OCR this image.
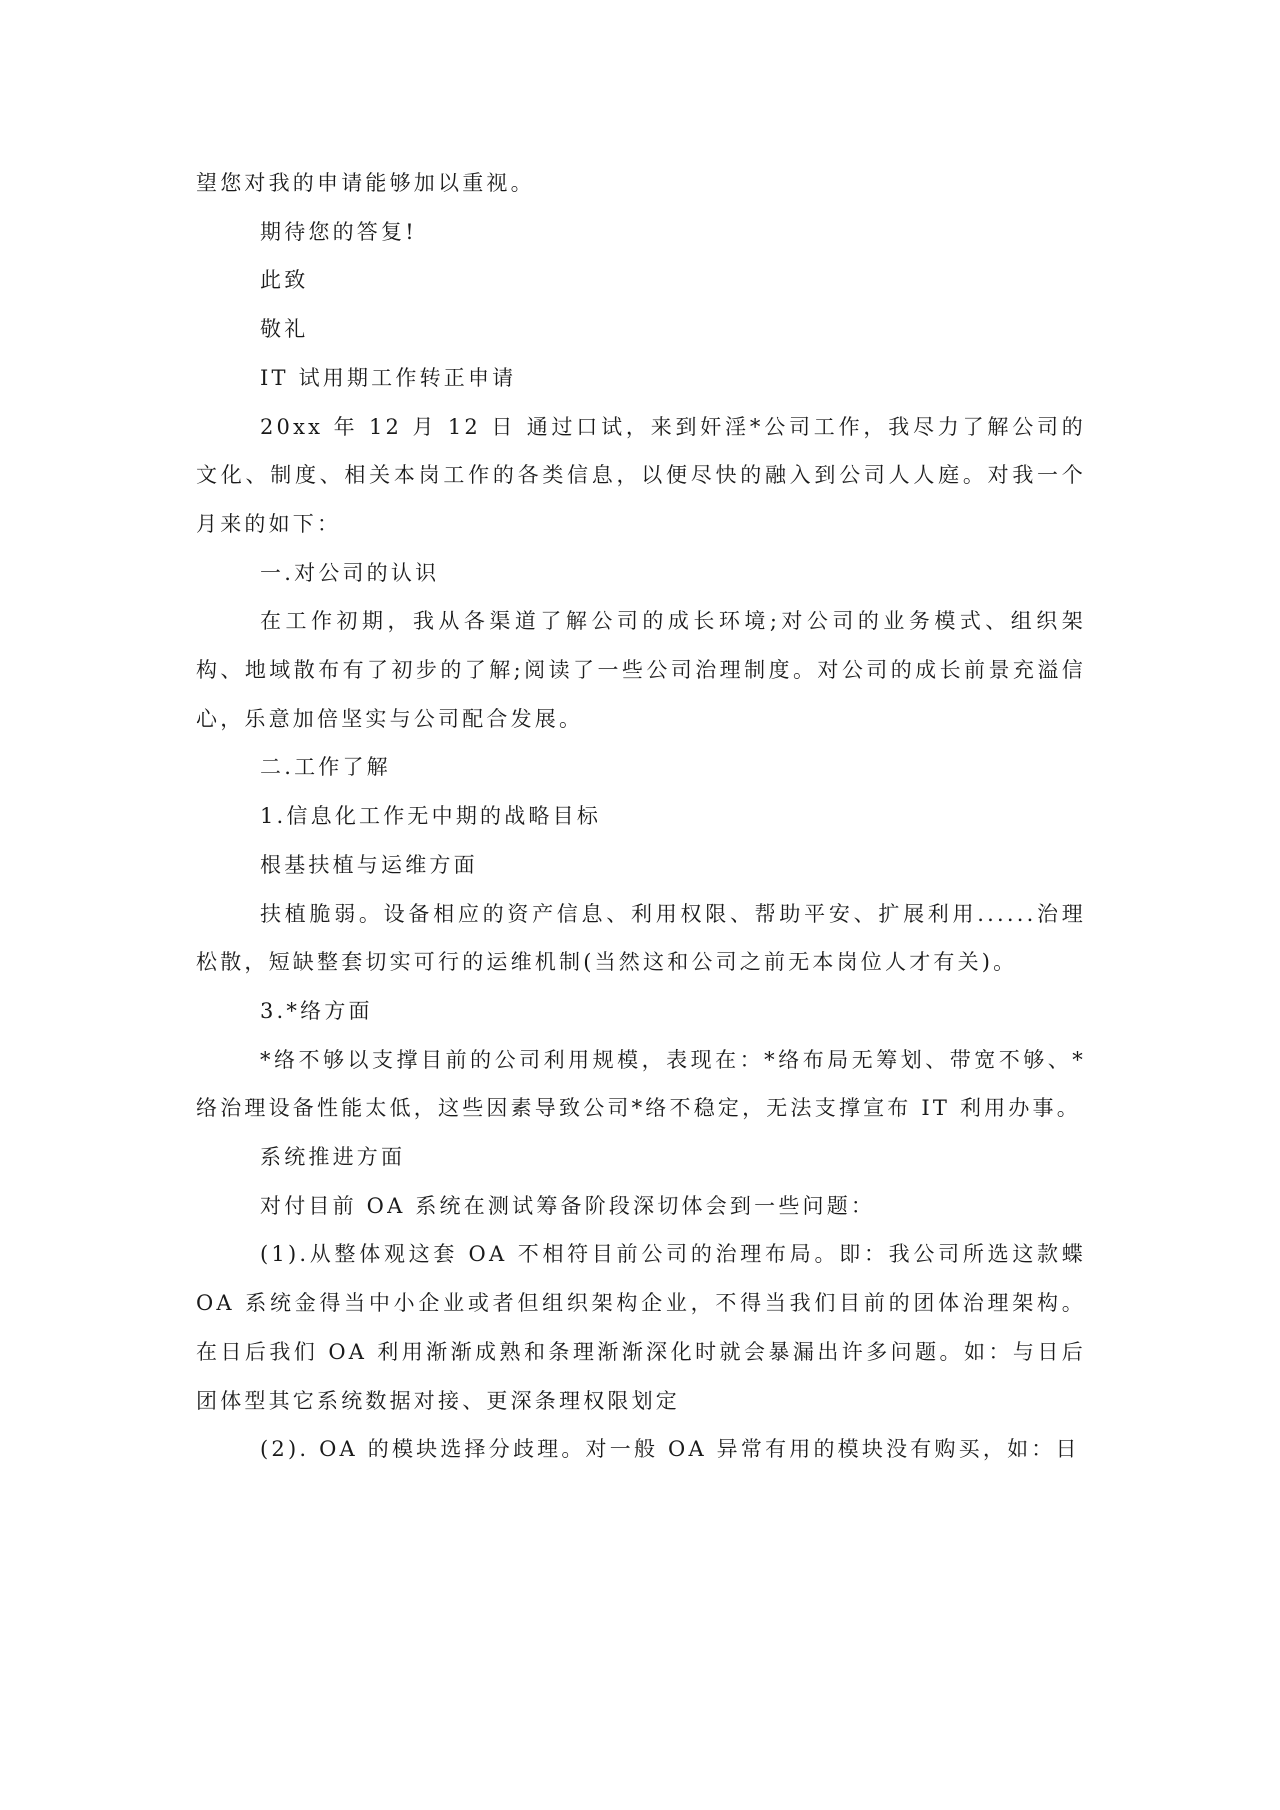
望您对我的申请能够加以重视。

期待您的答复!

此致

敬礼

IT 试用期工作转正申请

20xx 年 12 月 12 日 通过口试，来到奸淫*公司工作，我尽力了解公司的文化、制度、相关本岗工作的各类信息，以便尽快的融入到公司人人庭。对我一个月来的如下：

一.对公司的认识

在工作初期，我从各渠道了解公司的成长环境;对公司的业务模式、组织架构、地域散布有了初步的了解;阅读了一些公司治理制度。对公司的成长前景充溢信心，乐意加倍坚实与公司配合发展。

二.工作了解

1.信息化工作无中期的战略目标

根基扶植与运维方面

扶植脆弱。设备相应的资产信息、利用权限、帮助平安、扩展利用......治理松散，短缺整套切实可行的运维机制(当然这和公司之前无本岗位人才有关)。

3.*络方面

*络不够以支撑目前的公司利用规模，表现在：*络布局无筹划、带宽不够、*络治理设备性能太低，这些因素导致公司*络不稳定，无法支撑宣布 IT 利用办事。

系统推进方面

对付目前 OA 系统在测试筹备阶段深切体会到一些问题：

(1).从整体观这套 OA 不相符目前公司的治理布局。即：我公司所选这款蝶 OA 系统金得当中小企业或者但组织架构企业，不得当我们目前的团体治理架构。在日后我们 OA 利用渐渐成熟和条理渐渐深化时就会暴漏出许多问题。如：与日后团体型其它系统数据对接、更深条理权限划定

(2). OA 的模块选择分歧理。对一般 OA 异常有用的模块没有购买，如：日
